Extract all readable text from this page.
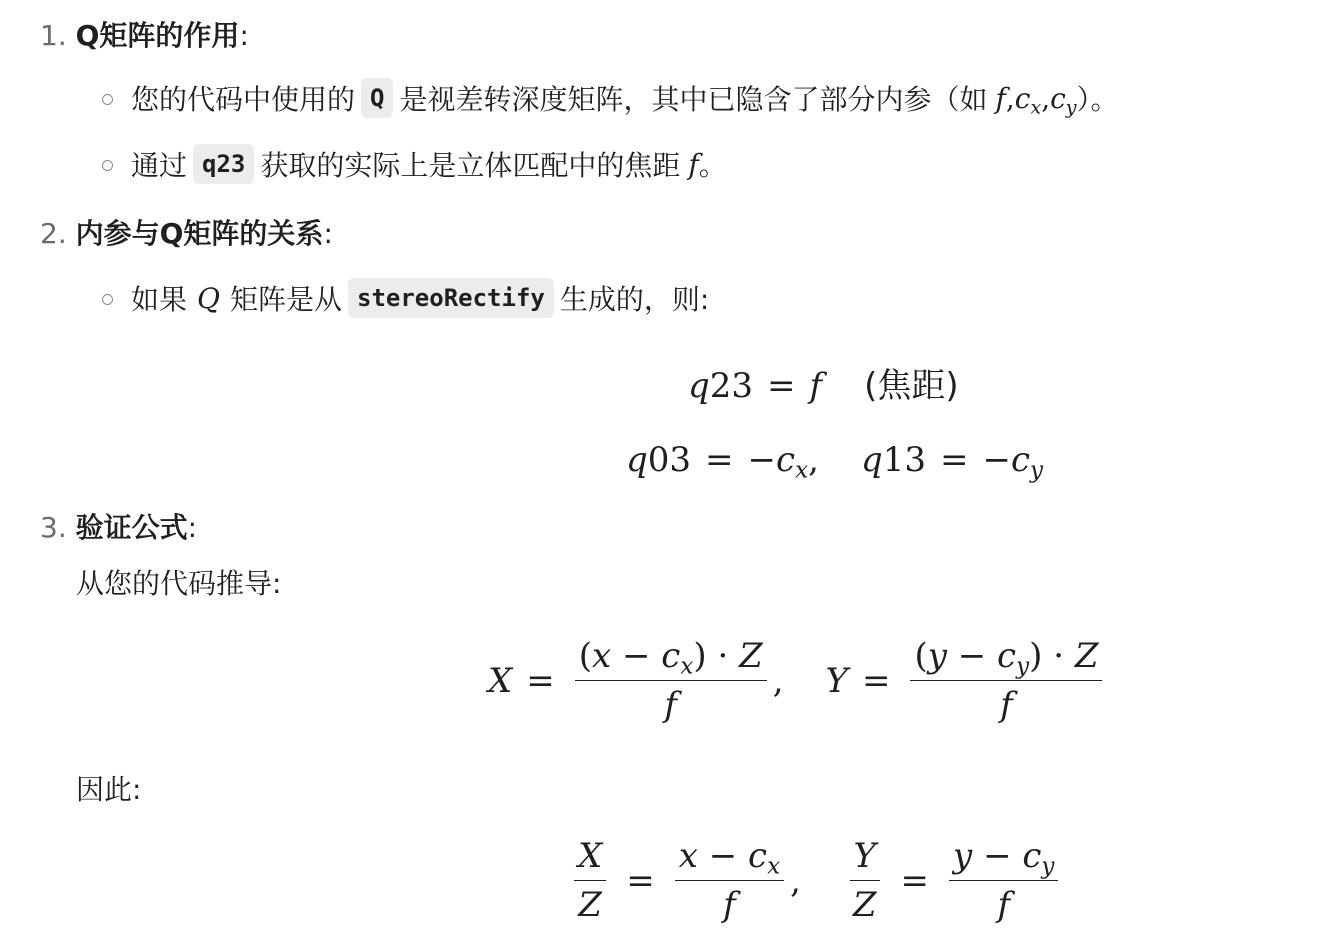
1. Q矩阵的作用:
您的代码中使用的 Q 是视差转深度矩阵，其中已隐含了部分内参（如 $f,c_x,c_y$ ）。
通过 q23 获取的实际上是立体匹配中的焦距 f 。
2. 内参与Q矩阵的关系:
如果 Q 矩阵是从 stereoRectify 生成的，则:
q23 = f (焦距)
$q03 = -c_x$, $q13 = -c_y$
3. 验证公式:
从您的代码推导:
$X = \frac{(x - c_x) \cdot Z}{f}$ , $Y = \frac{(y - c_y) \cdot Z}{f}$
因此:
$\frac{X}{Z} = \frac{x - c_x}{f}$ , $\frac{Y}{Z} = \frac{y - c_y}{f}$
